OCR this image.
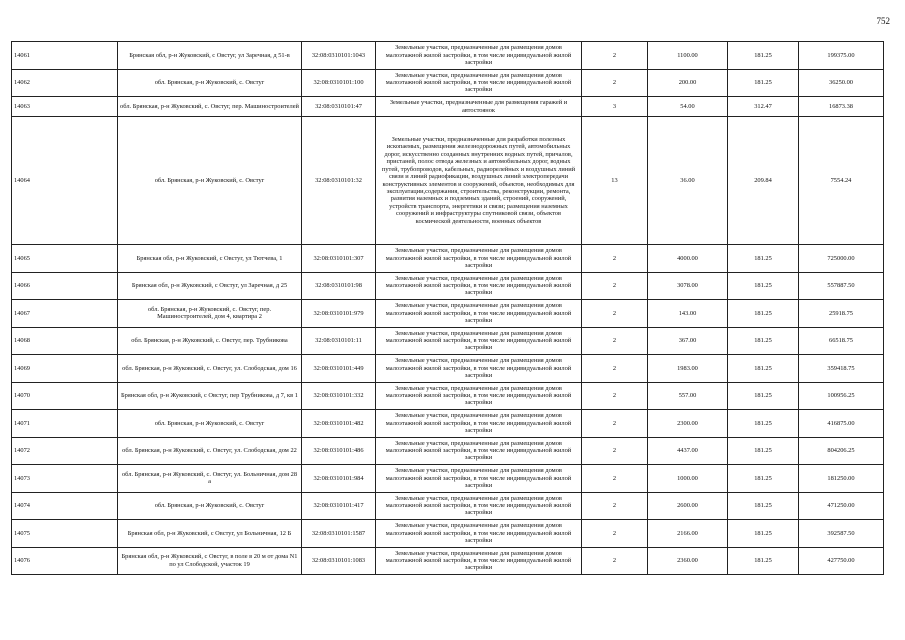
752
14061	Брянская обл, р-н Жуковский, с Овстуг, ул Заречная, д 51-в	32:08:0310101:1043	Земельные участки, предназначенные для размещения домов малоэтажной жилой застройки, в том числе индивидуальной жилой застройки	2	1100.00	181.25	199375.00
14062	обл. Брянская, р-н Жуковский, с. Овстуг	32:08:0310101:100	Земельные участки, предназначенные для размещения домов малоэтажной жилой застройки, в том числе индивидуальной жилой застройки	2	200.00	181.25	36250.00
14063	обл. Брянская, р-н Жуковский, с. Овстуг, пер. Машиностроителей	32:08:0310101:47	Земельные участки, предназначенные для размещения гаражей и автостоянок	3	54.00	312.47	16873.38
14064	обл. Брянская, р-н Жуковский, с. Овстуг	32:08:0310101:32	Земельные участки, предназначенные для разработки полезных ископаемых, размещения железнодорожных путей, автомобильных дорог, искусственно созданных внутренних водных путей, причалов, пристаней, полос отвода железных и автомобильных дорог, водных путей, трубопроводов, кабельных, радиорелейных и воздушных линий связи и линий радиофикации, воздушных линий электропередачи конструктивных элементов и сооружений, объектов, необходимых для эксплуатации,содержания, строительства, реконструкции, ремонта, развития наземных и подземных зданий, строений, сооружений, устройств транспорта, энергетики и связи; размещения наземных сооружений и инфраструктуры спутниковой связи, объектов космической деятельности, военных объектов	13	36.00	209.84	7554.24
14065	Брянская обл, р-н Жуковский, с Овстуг, ул Тютчева, 1	32:08:0310101:307	Земельные участки, предназначенные для размещения домов малоэтажной жилой застройки, в том числе индивидуальной жилой застройки	2	4000.00	181.25	725000.00
14066	Брянская обл, р-н Жуковский, с Овстуг, ул Заречная, д 25	32:08:0310101:98	Земельные участки, предназначенные для размещения домов малоэтажной жилой застройки, в том числе индивидуальной жилой застройки	2	3078.00	181.25	557887.50
14067	обл. Брянская, р-н Жуковский, с. Овстуг, пер. Машиностроителей, дом 4, квартира 2	32:08:0310101:979	Земельные участки, предназначенные для размещения домов малоэтажной жилой застройки, в том числе индивидуальной жилой застройки	2	143.00	181.25	25918.75
14068	обл. Брянская, р-н Жуковский, с. Овстуг, пер. Трубникова	32:08:0310101:11	Земельные участки, предназначенные для размещения домов малоэтажной жилой застройки, в том числе индивидуальной жилой застройки	2	367.00	181.25	66518.75
14069	обл. Брянская, р-н Жуковский, с. Овстуг, ул. Слободская, дом 16	32:08:0310101:449	Земельные участки, предназначенные для размещения домов малоэтажной жилой застройки, в том числе индивидуальной жилой застройки	2	1983.00	181.25	359418.75
14070	Брянская обл, р-н Жуковский, с Овстуг, пер Трубникова, д 7, кв 1	32:08:0310101:332	Земельные участки, предназначенные для размещения домов малоэтажной жилой застройки, в том числе индивидуальной жилой застройки	2	557.00	181.25	100956.25
14071	обл. Брянская, р-н Жуковский, с. Овстуг	32:08:0310101:482	Земельные участки, предназначенные для размещения домов малоэтажной жилой застройки, в том числе индивидуальной жилой застройки	2	2300.00	181.25	416875.00
14072	обл. Брянская, р-н Жуковский, с. Овстуг, ул. Слободская, дом 22	32:08:0310101:486	Земельные участки, предназначенные для размещения домов малоэтажной жилой застройки, в том числе индивидуальной жилой застройки	2	4437.00	181.25	804206.25
14073	обл. Брянская, р-н Жуковский, с. Овстуг, ул. Больничная, дом 28 а	32:08:0310101:984	Земельные участки, предназначенные для размещения домов малоэтажной жилой застройки, в том числе индивидуальной жилой застройки	2	1000.00	181.25	181250.00
14074	обл. Брянская, р-н Жуковский, с. Овстуг	32:08:0310101:417	Земельные участки, предназначенные для размещения домов малоэтажной жилой застройки, в том числе индивидуальной жилой застройки	2	2600.00	181.25	471250.00
14075	Брянская обл, р-н Жуковский, с Овстуг, ул Больничная, 12 Б	32:08:0310101:1587	Земельные участки, предназначенные для размещения домов малоэтажной жилой застройки, в том числе индивидуальной жилой застройки	2	2166.00	181.25	392587.50
14076	Брянская обл, р-н Жуковский, с Овстуг, в поле в 20 м от дома N1 по ул Слободской, участок 19	32:08:0310101:1083	Земельные участки, предназначенные для размещения домов малоэтажной жилой застройки, в том числе индивидуальной жилой застройки	2	2360.00	181.25	427750.00
